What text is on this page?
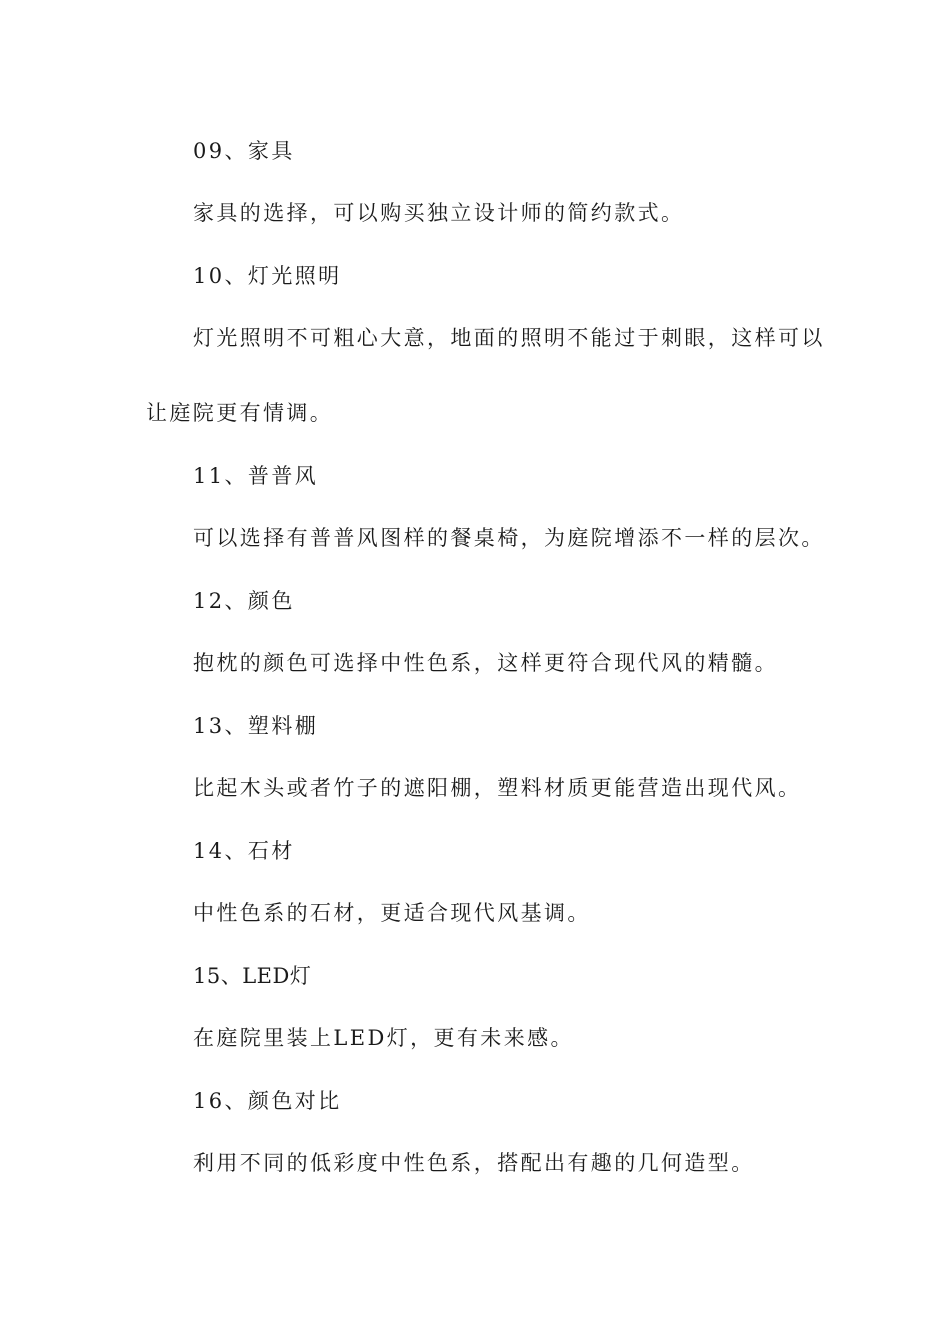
09、家具
家具的选择，可以购买独立设计师的简约款式。
10、灯光照明
灯光照明不可粗心大意，地面的照明不能过于刺眼，这样可以
让庭院更有情调。
11、普普风
可以选择有普普风图样的餐桌椅，为庭院增添不一样的层次。
12、颜色
抱枕的颜色可选择中性色系，这样更符合现代风的精髓。
13、塑料棚
比起木头或者竹子的遮阳棚，塑料材质更能营造出现代风。
14、石材
中性色系的石材，更适合现代风基调。
15、LED灯
在庭院里装上LED灯，更有未来感。
16、颜色对比
利用不同的低彩度中性色系，搭配出有趣的几何造型。
